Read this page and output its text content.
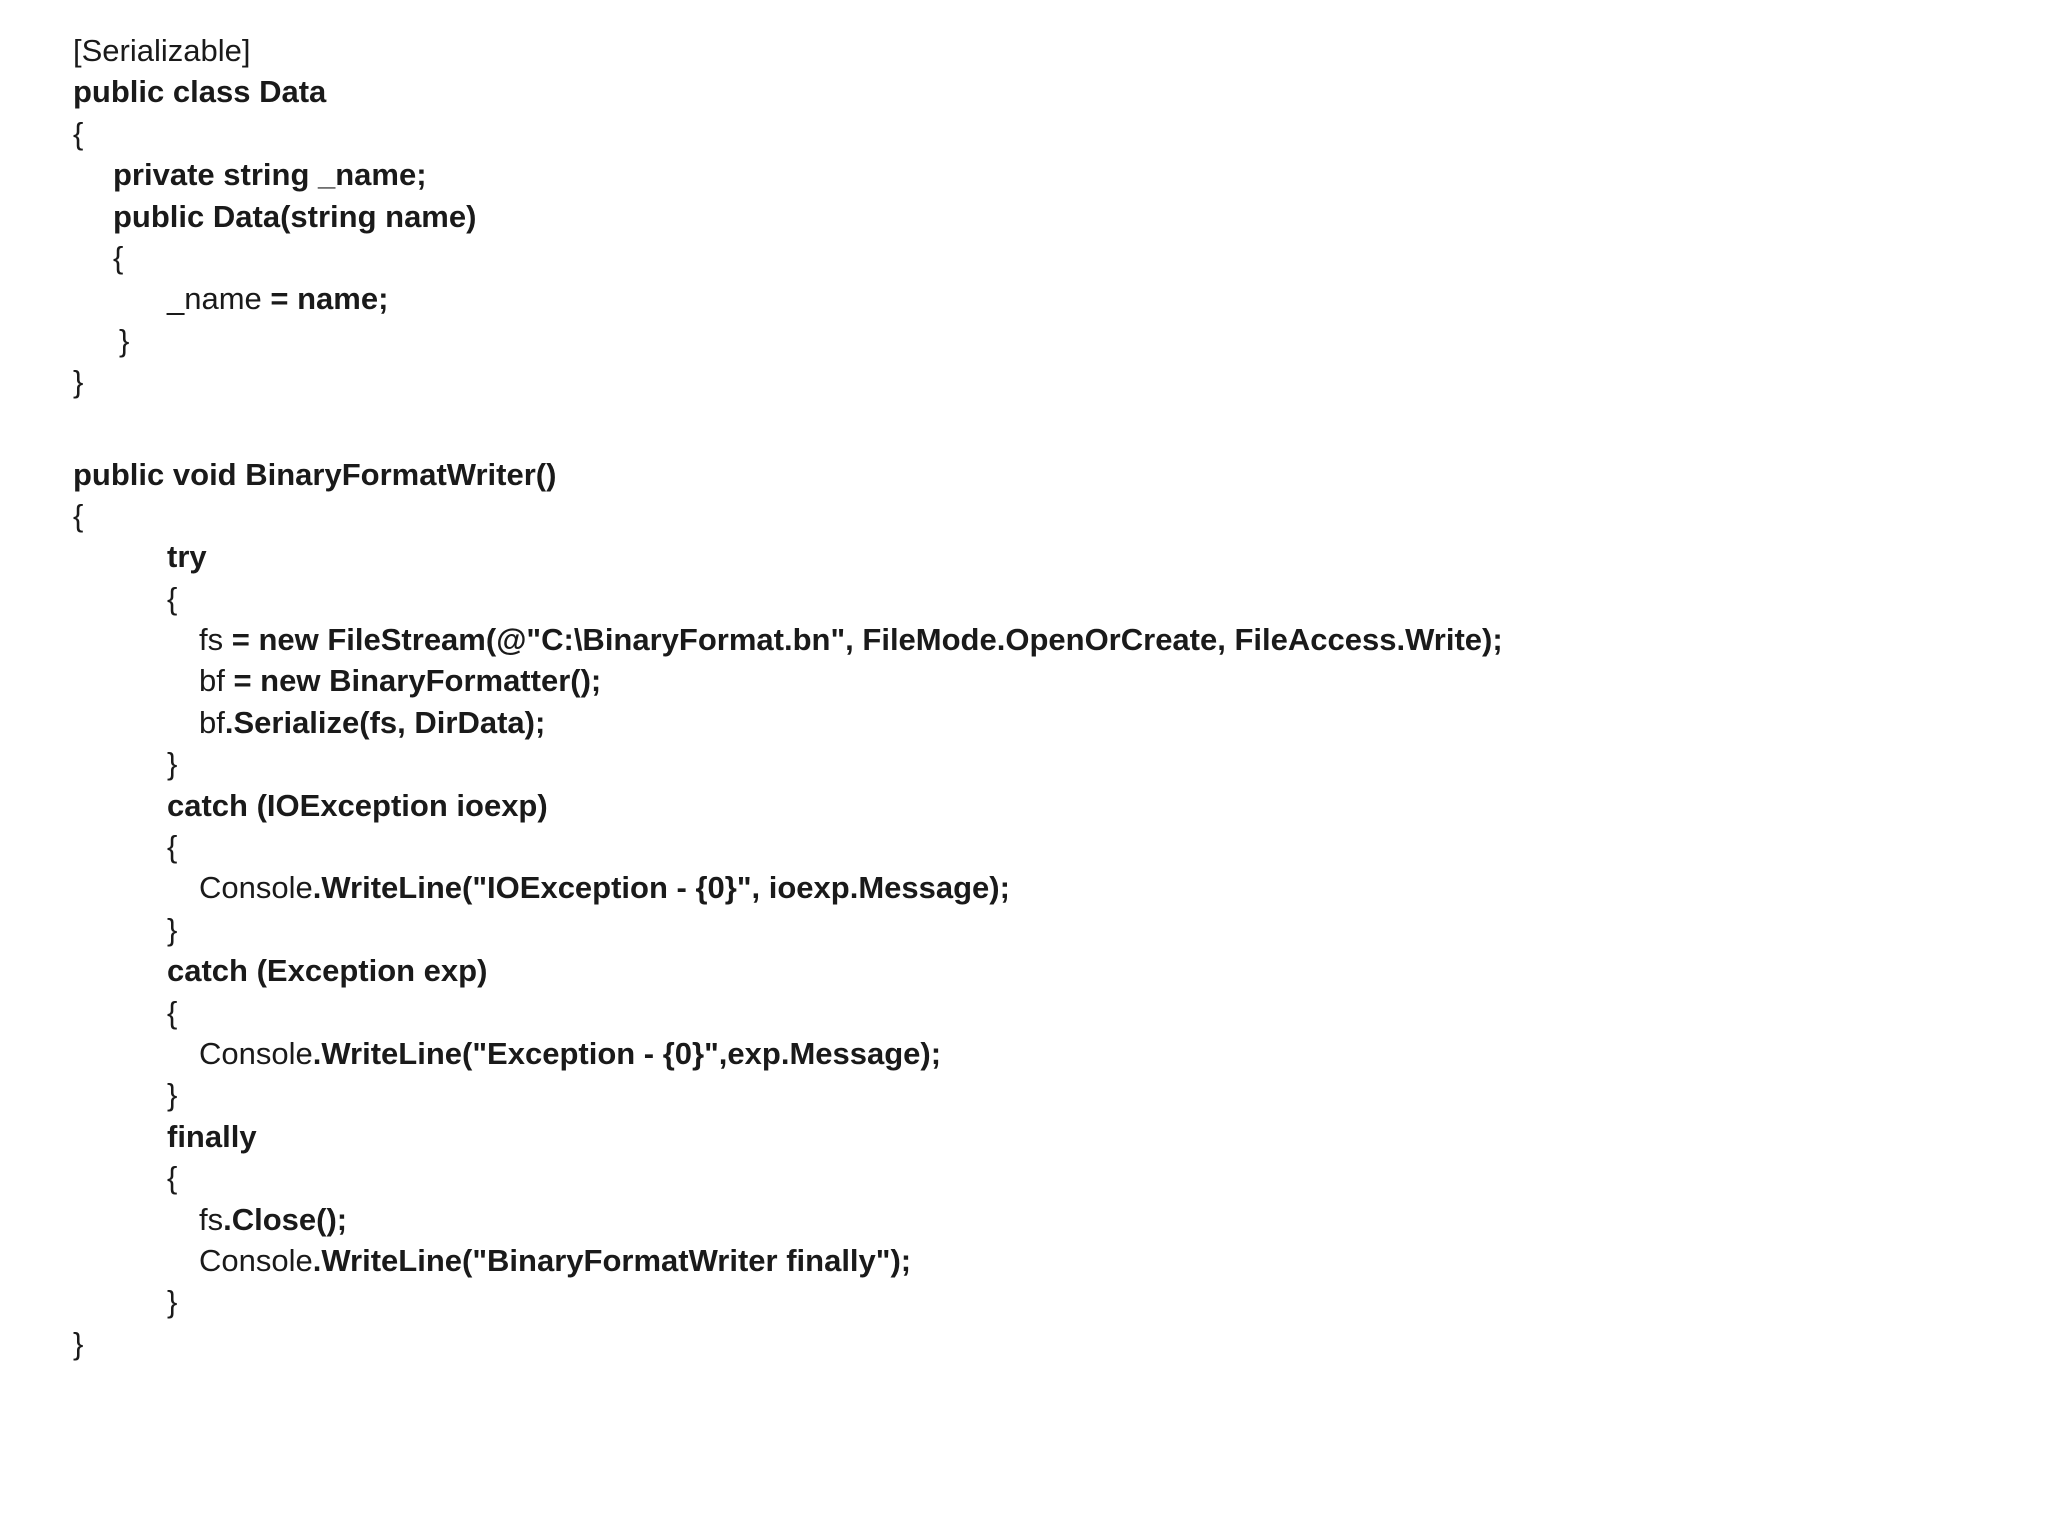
[Serializable]
public class Data
{
private string _name;
public Data(string name)
{
_name = name;
}
}
public void BinaryFormatWriter()
{
try
{
fs = new FileStream(@"C:\BinaryFormat.bn", FileMode.OpenOrCreate, FileAccess.Write);
bf = new BinaryFormatter();
bf.Serialize(fs, DirData);
}
catch (IOException ioexp)
{
Console.WriteLine("IOException - {0}", ioexp.Message);
}
catch (Exception exp)
{
Console.WriteLine("Exception - {0}",exp.Message);
}
finally
{
fs.Close();
Console.WriteLine("BinaryFormatWriter finally");
}
}
